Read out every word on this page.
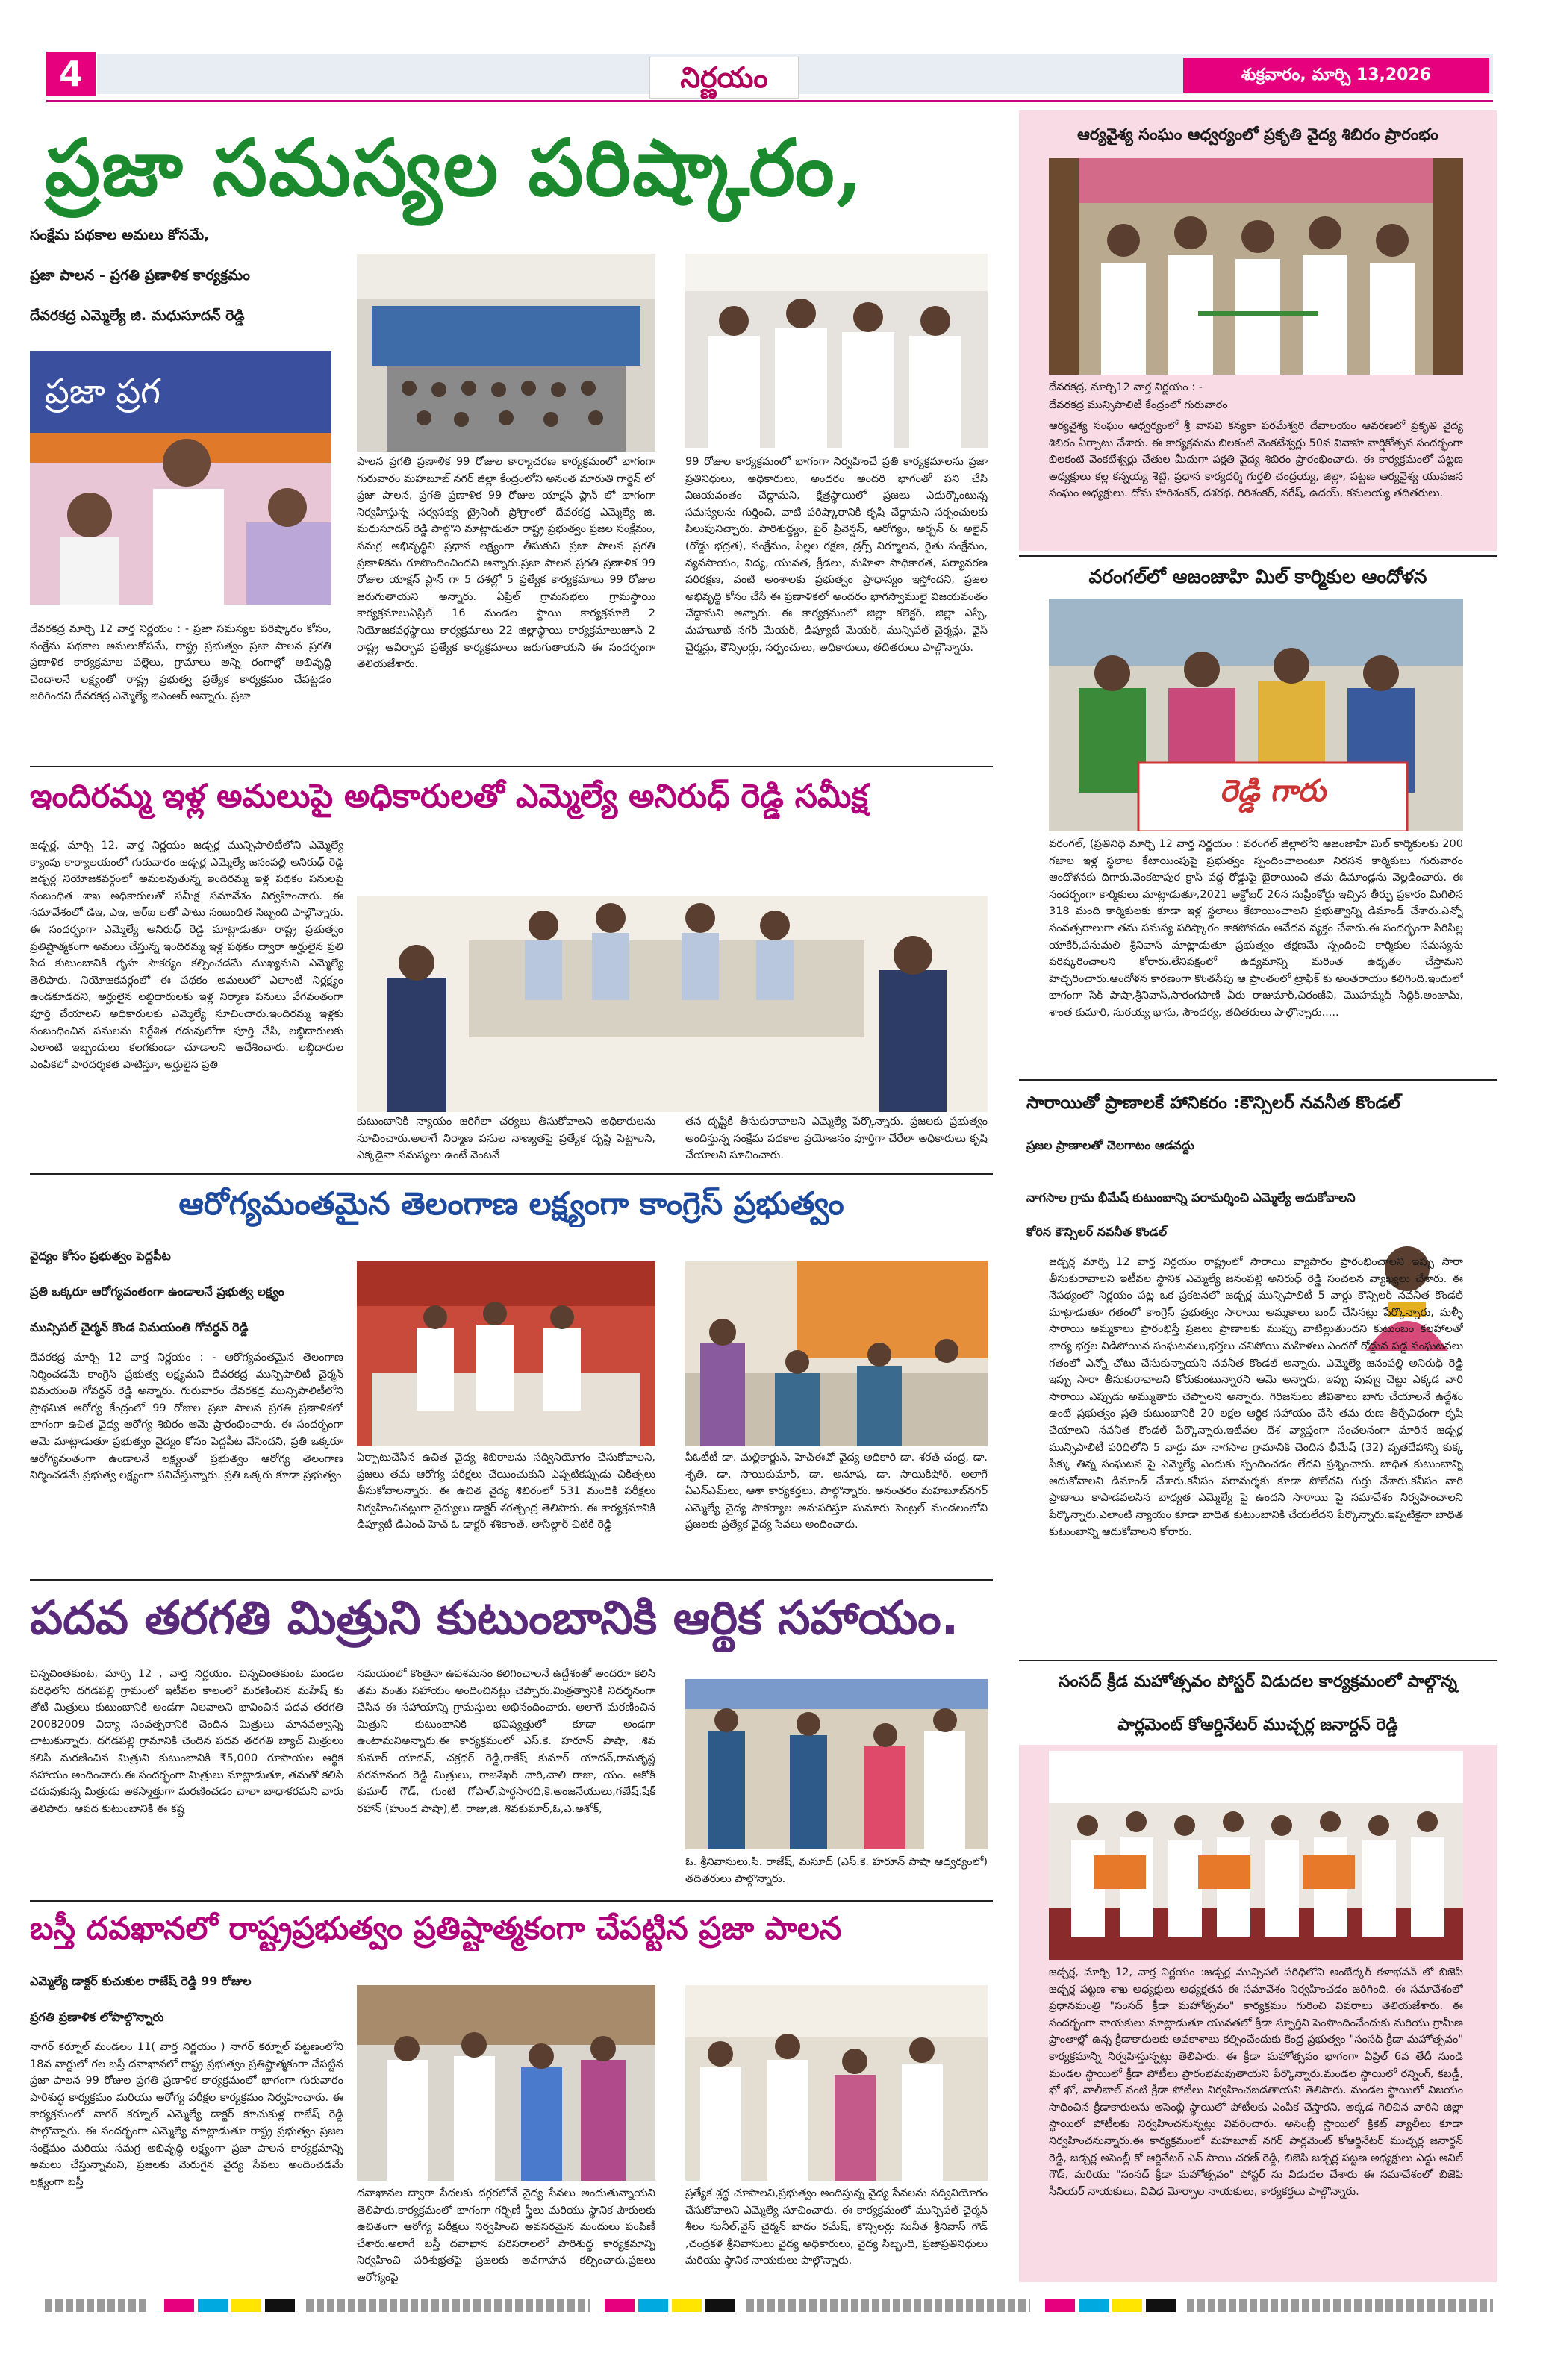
4	శుక్రవారం, మార్చి 13,2026
నిర్ణయం
ప్రజా సమస్యల పరిష్కారం,
సంక్షేమ పథకాల అమలు కోసమే,
ప్రజా పాలన - ప్రగతి ప్రణాళిక కార్యక్రమం
దేవరకద్ర ఎమ్మెల్యే జి. మధుసూదన్ రెడ్డి
ప్రజా ప్రగ
దేవరకద్ర మార్చి 12 వార్త నిర్ణయం : - ప్రజా సమస్యల పరిష్కారం కోసం, సంక్షేమ పథకాల అమలుకోసమే, రాష్ట్ర ప్రభుత్వం ప్రజా పాలన ప్రగతి ప్రణాళిక కార్యక్రమాల పల్లెలు, గ్రామాలు అన్ని రంగాల్లో అభివృద్ధి చెందాలనే లక్ష్యంతో రాష్ట్ర ప్రభుత్వ ప్రత్యేక కార్యక్రమం చేపట్టడం జరిగిందని దేవరకద్ర ఎమ్మెల్యే జిఎంఆర్ అన్నారు. ప్రజా
పాలన ప్రగతి ప్రణాళిక 99 రోజుల కార్యాచరణ కార్యక్రమంలో భాగంగా గురువారం మహబూబ్ నగర్ జిల్లా కేంద్రంలోని అనంత మారుతి గార్డెన్ లో ప్రజా పాలన, ప్రగతి ప్రణాళిక 99 రోజుల యాక్షన్ ప్లాన్ లో భాగంగా నిర్వహిస్తున్న సర్వసభ్య ట్రైనింగ్ ప్రోగ్రాంలో దేవరకద్ర ఎమ్మెల్యే జి. మధుసూదన్ రెడ్డి పాల్గొని మాట్లాడుతూ రాష్ట్ర ప్రభుత్వం ప్రజల సంక్షేమం, సమగ్ర అభివృద్ధిని ప్రధాన లక్ష్యంగా తీసుకుని ప్రజా పాలన ప్రగతి ప్రణాళికను రూపొందించిందని అన్నారు.ప్రజా పాలన ప్రగతి ప్రణాళిక 99 రోజుల యాక్షన్ ప్లాన్ గా 5 దశల్లో 5 ప్రత్యేక కార్యక్రమాలు 99 రోజుల జరుగుతాయని అన్నారు. ఏప్రిల్ గ్రామసభలు గ్రామస్థాయి కార్యక్రమాలుఏప్రిల్ 16 మండల స్థాయి కార్యక్రమాలే 2 నియోజకవర్గస్థాయి కార్యక్రమాలు 22 జిల్లాస్థాయి కార్యక్రమాలుజూన్ 2 రాష్ట్ర ఆవిర్భావ ప్రత్యేక కార్యక్రమాలు జరుగుతాయని ఈ సందర్భంగా తెలియజేశారు.
99 రోజుల కార్యక్రమంలో భాగంగా నిర్వహించే ప్రతి కార్యక్రమాలను ప్రజా ప్రతినిధులు, అధికారులు, అందరం అందరి భాగంతో పని చేసి విజయవంతం చేద్దామని, క్షేత్రస్థాయిలో ప్రజలు ఎదుర్కొంటున్న సమస్యలను గుర్తించి, వాటి పరిష్కారానికి కృషి చేద్దామని సర్పంచులకు పిలుపునిచ్చారు. పారిశుద్ధ్యం, ఫైర్ ప్రివెన్షన్, ఆరోగ్యం, అర్బన్ & అలైన్ (రోడ్డు భద్రత), సంక్షేమం, పిల్లల రక్షణ, డ్రగ్స్ నిర్మూలన, రైతు సంక్షేమం, వ్యవసాయం, విద్య, యువత, క్రీడలు, మహిళా సాధికారత, పర్యావరణ పరిరక్షణ, వంటి అంశాలకు ప్రభుత్వం ప్రాధాన్యం ఇస్తోందని, ప్రజల అభివృద్ధి కోసం చేసే ఈ ప్రణాళికలో అందరం భాగస్వాములై విజయవంతం చేద్దామని అన్నారు. ఈ కార్యక్రమంలో జిల్లా కలెక్టర్, జిల్లా ఎస్పీ, మహబూబ్ నగర్ మేయర్, డిప్యూటీ మేయర్, మున్సిపల్ చైర్మన్లు, వైస్ చైర్మన్లు, కౌన్సిలర్లు, సర్పంచులు, అధికారులు, తదితరులు పాల్గొన్నారు.
ఇందిరమ్మ ఇళ్ల అమలుపై అధికారులతో ఎమ్మెల్యే అనిరుధ్ రెడ్డి సమీక్ష
జడ్చర్ల, మార్చి 12, వార్త నిర్ణయం జడ్చర్ల మున్సిపాలిటీలోని ఎమ్మెల్యే క్యాంపు కార్యాలయంలో గురువారం జడ్చర్ల ఎమ్మెల్యే జనంపల్లి అనిరుధ్ రెడ్డి జడ్చర్ల నియోజకవర్గంలో అమలవుతున్న ఇందిరమ్మ ఇళ్ల పథకం పనులపై సంబంధిత శాఖ అధికారులతో సమీక్ష సమావేశం నిర్వహించారు. ఈ సమావేశంలో డిఇ, ఎఇ, ఆర్ఐ లతో పాటు సంబంధిత సిబ్బంది పాల్గొన్నారు. ఈ సందర్భంగా ఎమ్మెల్యే అనిరుధ్ రెడ్డి మాట్లాడుతూ రాష్ట్ర ప్రభుత్వం ప్రతిష్టాత్మకంగా అమలు చేస్తున్న ఇందిరమ్మ ఇళ్ల పథకం ద్వారా అర్హులైన ప్రతి పేద కుటుంబానికి గృహ సౌకర్యం కల్పించడమే ముఖ్యమని ఎమ్మెల్యే తెలిపారు. నియోజకవర్గంలో ఈ పథకం అమలులో ఎలాంటి నిర్లక్ష్యం ఉండకూడదని, అర్హులైన లబ్ధిదారులకు ఇళ్ల నిర్మాణ పనులు వేగవంతంగా పూర్తి చేయాలని అధికారులకు ఎమ్మెల్యే సూచించారు.ఇందిరమ్మ ఇళ్లకు సంబంధించిన పనులను నిర్దేశిత గడువులోగా పూర్తి చేసి, లబ్ధిదారులకు ఎలాంటి ఇబ్బందులు కలగకుండా చూడాలని ఆదేశించారు. లబ్ధిదారుల ఎంపికలో పారదర్శకత పాటిస్తూ, అర్హులైన ప్రతి
కుటుంబానికి న్యాయం జరిగేలా చర్యలు తీసుకోవాలని అధికారులను సూచించారు.అలాగే నిర్మాణ పనుల నాణ్యతపై ప్రత్యేక దృష్టి పెట్టాలని, ఎక్కడైనా సమస్యలు ఉంటే వెంటనే
తన దృష్టికి తీసుకురావాలని ఎమ్మెల్యే పేర్కొన్నారు. ప్రజలకు ప్రభుత్వం అందిస్తున్న సంక్షేమ పథకాల ప్రయోజనం పూర్తిగా చేరేలా అధికారులు కృషి చేయాలని సూచించారు.
ఆరోగ్యమంతమైన తెలంగాణ లక్ష్యంగా కాంగ్రెస్ ప్రభుత్వం
వైద్యం కోసం ప్రభుత్వం పెద్దపీట
ప్రతి ఒక్కరూ ఆరోగ్యవంతంగా ఉండాలనే ప్రభుత్వ లక్ష్యం
మున్సిపల్ చైర్మన్ కొండ విమయంతి గోవర్ధన్ రెడ్డి
దేవరకద్ర మార్చి 12 వార్త నిర్ణయం : - ఆరోగ్యవంతమైన తెలంగాణ నిర్మించడమే కాంగ్రెస్ ప్రభుత్వ లక్ష్యమని దేవరకద్ర మున్సిపాలిటీ చైర్మన్ విమయంతి గోవర్ధన్ రెడ్డి అన్నారు. గురువారం దేవరకద్ర మున్సిపాలిటీలోని ప్రాథమిక ఆరోగ్య కేంద్రంలో 99 రోజుల ప్రజా పాలన ప్రగతి ప్రణాళికలో భాగంగా ఉచిత వైద్య ఆరోగ్య శిబిరం ఆమె ప్రారంభించారు. ఈ సందర్భంగా ఆమె మాట్లాడుతూ ప్రభుత్వం వైద్యం కోసం పెద్దపీట వేసిందని, ప్రతి ఒక్కరూ ఆరోగ్యవంతంగా ఉండాలనే లక్ష్యంతో ప్రభుత్వం ఆరోగ్య తెలంగాణ నిర్మించడమే ప్రభుత్వ లక్ష్యంగా పనిచేస్తున్నారు. ప్రతి ఒక్కరు కూడా ప్రభుత్వం
ఏర్పాటుచేసిన ఉచిత వైద్య శిబిరాలను సద్వినియోగం చేసుకోవాలని, ప్రజలు తమ ఆరోగ్య పరీక్షలు చేయించుకుని ఎప్పటికప్పుడు చికిత్సలు తీసుకోవాలన్నారు. ఈ ఉచిత వైద్య శిబిరంలో 531 మందికి పరీక్షలు నిర్వహించినట్లుగా వైద్యులు డాక్టర్ శరత్చంద్ర తెలిపారు. ఈ కార్యక్రమానికి డిప్యూటీ డిఎంచ్ హెచ్ ఓ డాక్టర్ శశికాంత్, తాసిల్దార్ చిటికి రెడ్డి
పీఓటీటీ డా. మల్లికార్జున్, హెచ్ఈవో వైద్య అధికారి డా. శరత్ చంద్ర, డా. శృతి, డా. సాయికుమార్, డా. అనూష, డా. సాయికిషోర్, అలాగే ఏఎన్ఎమ్‌లు, ఆశా కార్యకర్తలు, పాల్గొన్నారు. అనంతరం మహబూబ్‌నగర్ ఎమ్మెల్యే వైద్య సౌకర్యాల అనుసరిస్తూ సుమారు సెంట్రల్ మండలంలోని ప్రజలకు ప్రత్యేక వైద్య సేవలు అందించారు.
పదవ తరగతి మిత్రుని కుటుంబానికి ఆర్థిక సహాయం.
చిన్నచింతకుంట, మార్చి 12 , వార్త నిర్ణయం. చిన్నచింతకుంట మండల పరిధిలోని దగడపల్లి గ్రామంలో ఇటీవల కాలంలో మరణించిన మహేష్ కు తోటి మిత్రులు కుటుంబానికి అండగా నిలవాలని భావించిన పదవ తరగతి 20082009 విద్యా సంవత్సరానికి చెందిన మిత్రులు మానవత్వాన్ని చాటుకున్నారు. దగడపల్లి గ్రామానికి చెందిన పదవ తరగతి బ్యాచ్ మిత్రులు కలిసి మరణించిన మిత్రుని కుటుంబానికి ₹5,000 రూపాయల ఆర్థిక సహాయం అందించారు.ఈ సందర్భంగా మిత్రులు మాట్లాడుతూ, తమతో కలిసి చదువుకున్న మిత్రుడు అకస్మాత్తుగా మరణించడం చాలా బాధాకరమని వారు తెలిపారు. ఆపద కుటుంబానికి ఈ కష్ట
సమయంలో కొంతైనా ఉపశమనం కలిగించాలనే ఉద్దేశంతో అందరూ కలిసి తమ వంతు సహాయం అందించినట్లు చెప్పారు.మిత్రత్వానికి నిదర్శనంగా చేసిన ఈ సహాయాన్ని గ్రామస్తులు అభినందించారు. అలాగే మరణించిన మిత్రుని కుటుంబానికి భవిష్యత్తులో కూడా అండగా ఉంటామనిఅన్నారు.ఈ కార్యక్రమంలో ఎస్.కె. హరూన్ పాషా, .శివ కుమార్ యాదవ్, చక్రధర్ రెడ్డి,రాకేష్ కుమార్ యాదవ్,రామకృష్ణ పరమానంద రెడ్డి మిత్రులు, రాజశేఖర్ చారి,చాలి రాజు, యం. ఆకోక్ కుమార్ గౌడ్, గుంటి గోపాల్,పార్థసారధి,కె.అంజనేయులు,గణేష్,షేక్ రహాన్ (హుంద పాషా),టి. రాజు,జి. శివకుమార్,ఓ,ఎ.అశోక్,
ఓ. శ్రీనివాసులు,సి. రాజేష్, మసూద్ (ఎస్.కె. హరూన్ పాషా ఆధ్వర్యంలో) తదితరులు పాల్గొన్నారు.
బస్తీ దవఖానలో రాష్ట్రప్రభుత్వం ప్రతిష్టాత్మకంగా చేపట్టిన ప్రజా పాలన
ఎమ్మెల్యే డాక్టర్ కుచుకుల రాజేష్ రెడ్డి 99 రోజుల
ప్రగతి ప్రణాళిక లోపాల్గొన్నారు
నాగర్ కర్నూల్ మండలం 11( వార్త నిర్ణయం ) నాగర్ కర్నూల్ పట్టణంలోని 18వ వార్డులో గల బస్తీ దవాఖానలో రాష్ట్ర ప్రభుత్వం ప్రతిష్టాత్మకంగా చేపట్టిన ప్రజా పాలన 99 రోజుల ప్రగతి ప్రణాళిక కార్యక్రమంలో భాగంగా గురువారం పారిశుద్ధ కార్యక్రమం మరియు ఆరోగ్య పరీక్షల కార్యక్రమం నిర్వహించారు. ఈ కార్యక్రమంలో నాగర్ కర్నూల్ ఎమ్మెల్యే డాక్టర్ కూచుకుళ్ల రాజేష్ రెడ్డి పాల్గొన్నారు. ఈ సందర్భంగా ఎమ్మెల్యే మాట్లాడుతూ రాష్ట్ర ప్రభుత్వం ప్రజల సంక్షేమం మరియు సమగ్ర అభివృద్ధి లక్ష్యంగా ప్రజా పాలన కార్యక్రమాన్ని అమలు చేస్తున్నామని, ప్రజలకు మెరుగైన వైద్య సేవలు అందించడమే లక్ష్యంగా బస్తీ
దవాఖానల ద్వారా పేదలకు దగ్గరలోనే వైద్య సేవలు అందుతున్నాయని తెలిపారు.కార్యక్రమంలో భాగంగా గర్భిణీ స్త్రీలు మరియు స్థానిక పౌరులకు ఉచితంగా ఆరోగ్య పరీక్షలు నిర్వహించి అవసరమైన మందులు పంపిణీ చేశారు.అలాగే బస్తీ దవాఖాన పరిసరాలలో పారిశుద్ధ కార్యక్రమాన్ని నిర్వహించి పరిశుభ్రతపై ప్రజలకు అవగాహన కల్పించారు.ప్రజలు ఆరోగ్యంపై
ప్రత్యేక శ్రద్ధ చూపాలని,ప్రభుత్వం అందిస్తున్న వైద్య సేవలను సద్వినియోగం చేసుకోవాలని ఎమ్మెల్యే సూచించారు. ఈ కార్యక్రమంలో మున్సిపల్ చైర్మన్ శీలం సునీల్,వైస్ చైర్మన్ బాదం రమేష్, కౌన్సిలర్లు సునీత శ్రీనివాస్ గౌడ్ ,చంద్రకళ శ్రీనివాసులు వైద్య అధికారులు, వైద్య సిబ్బంది, ప్రజాప్రతినిధులు మరియు స్థానిక నాయకులు పాల్గొన్నారు.
ఆర్యవైశ్య సంఘం ఆధ్వర్యంలో ప్రకృతి వైద్య శిబిరం ప్రారంభం
దేవరకద్ర, మార్చి12 వార్త నిర్ణయం : -
దేవరకద్ర మున్సిపాలిటీ కేంద్రంలో గురువారం
ఆర్యవైశ్య సంఘం ఆధ్వర్యంలో శ్రీ వాసవి కన్యకా పరమేశ్వరి దేవాలయం ఆవరణలో ప్రకృతి వైద్య శిబిరం ఏర్పాటు చేశారు. ఈ కార్యక్రమను బిలకంటి వెంకటేశ్వర్లు 50వ వివాహ వార్షికోత్సవ సందర్భంగా బిలకంటి వెంకటేశ్వర్లు చేతుల మీదుగా పక్షతి వైద్య శిబిరం ప్రారంభించారు. ఈ కార్యక్రమంలో పట్టణ అధ్యక్షులు కల్ల కన్నయ్య శెట్టి, ప్రధాన కార్యదర్శి గుర్తలి చంద్రయ్య, జిల్లా, పట్టణ ఆర్యవైశ్య యువజన సంఘం అధ్యక్షులు. దోమ హరిశంకర్, దశరథ, గిరిశంకర్, నరేష్, ఉదయ్, కమలయ్య తదితరులు.
వరంగల్‌లో ఆజంజాహి మిల్ కార్మికుల ఆందోళన
రెడ్డి గారు
వరంగల్, (ప్రతినిధి మార్చి 12 వార్త నిర్ణయం : వరంగల్ జిల్లాలోని ఆజంజాహి మిల్ కార్మికులకు 200 గజాల ఇళ్ల స్థలాల కేటాయింపుపై ప్రభుత్వం స్పందించాలంటూ నిరసన కార్మికులు గురువారం ఆందోళనకు దిగారు.వెంకటాపుర క్రాస్ వద్ద రోడ్డుపై బైఠాయించి తమ డిమాండ్లను వెల్లడించారు. ఈ సందర్భంగా కార్మికులు మాట్లాడుతూ,2021 అక్టోబర్ 26న సుప్రీంకోర్టు ఇచ్చిన తీర్పు ప్రకారం మిగిలిన 318 మంది కార్మికులకు కూడా ఇళ్ల స్థలాలు కేటాయించాలని ప్రభుత్వాన్ని డిమాండ్ చేశారు.ఎన్నో సంవత్సరాలుగా తమ సమస్య పరిష్కారం కాకపోవడం ఆవేదన వ్యక్తం చేశారు.ఈ సందర్భంగా సిరిసిల్ల యాకేర్,పనుమలి శ్రీనివాస్ మాట్లాడుతూ ప్రభుత్వం తక్షణమే స్పందించి కార్మికుల సమస్యను పరిష్కరించాలని కోరారు.లేనిపక్షంలో ఉద్యమాన్ని మరింత ఉధృతం చేస్తామని హెచ్చరించారు.ఆందోళన కారణంగా కొంతసేపు ఆ ప్రాంతంలో ట్రాఫిక్ కు అంతరాయం కలిగింది.ఇందులో భాగంగా సేక్ పాషా,శ్రీనివాస్,సారంగపాణి వీరు రాజుమార్,చిరంజీవి, మొహమ్మద్ సిద్దిక్,అంజామ్, శాంత కుమారి, సురయ్య భాను, సౌందర్య, తదితరులు పాల్గొన్నారు.....
సారాయితో ప్రాణాలకే హానికరం :కౌన్సిలర్ నవనీత కొండల్
ప్రజల ప్రాణాలతో చెలగాటం ఆడవద్దు
నాగసాల గ్రామ భీమేష్ కుటుంబాన్ని పరామర్శించి ఎమ్మెల్యే ఆదుకోవాలని
కోరిన కౌన్సిలర్ నవనీత కొండల్
జడ్చర్ల మార్చి 12 వార్త నిర్ణయం రాష్ట్రంలో సారాయి వ్యాపారం ప్రారంభించాలని ఇప్పు సారా తీసుకురావాలని ఇటీవల స్థానిక ఎమ్మెల్యే జనంపల్లి అనిరుధ్ రెడ్డి సంచలన వ్యాఖ్యలు చేశారు. ఈ నేపథ్యంలో నిర్ణయం పట్ల ఒక ప్రకటనలో జడ్చర్ల మున్సిపాలిటీ 5 వార్డు కౌన్సిలర్ నవనీత కొండల్ మాట్లాడుతూ గతంలో కాంగ్రెస్ ప్రభుత్వం సారాయి అమ్మకాలు బంద్ చేసినట్లు పేర్కొన్నారు, మళ్ళీ సారాయి అమ్మకాలు ప్రారంభిస్తే ప్రజలు ప్రాణాలకు ముప్పు వాటిల్లుతుందని కుటుంబం కలహాలతో భార్య భర్తల విడిపోయిన సంఘటనలు,భర్తలు చనిపోయి మహిళలు ఎందరో రోడ్డున పడ్డ సంఘటనలు గతంలో ఎన్నో చోటు చేసుకున్నాయని నవనీత కొండల్ అన్నారు. ఎమ్మెల్యే జనంపల్లి అనిరుధ్ రెడ్డి ఇప్పు సారా తీసుకురావాలని కోరుకుంటున్నారని ఆమె అన్నారు, ఇప్పు పువ్వు చెట్టు ఎక్కడ వారి సారాయి ఎప్పుడు అమ్ముతారు చెప్పాలని అన్నారు. గిరిజనులు జీవితాలు బాగు చేయాలనే ఉద్దేశం ఉంటే ప్రభుత్వం ప్రతి కుటుంబానికి 20 లక్షల ఆర్థిక సహాయం చేసి తమ రుణ తీర్చేవిధంగా కృషి చేయాలని నవనీత కొండల్ పేర్కొన్నారు.ఇటీవల దేశ వ్యాప్తంగా సంచలనంగా మారిన జడ్చర్ల మున్సిపాలిటీ పరిధిలోని 5 వార్డు మా నాగసాల గ్రామానికి చెందిన భీమేష్ (32) వృతదేహాన్ని కుక్క పీక్కు తిన్న సంఘటన పై ఎమ్మెల్యే ఎందుకు స్పందించడం లేదని ప్రశ్నించారు. బాధిత కుటుంబాన్ని ఆదుకోవాలని డిమాండ్ చేశారు.కనీసం పరామర్శకు కూడా పోలేదని గుర్తు చేశారు.కనీసం వారి ప్రాణాలు కాపాడవలసిన బాధ్యత ఎమ్మెల్యే పై ఉందని సారాయి పై సమావేశం నిర్వహించాలని పేర్కొన్నారు.ఎలాంటి న్యాయం కూడా బాధిత కుటుంబానికి చేయలేదని పేర్కొన్నారు.ఇప్పటికైనా బాధిత కుటుంబాన్ని ఆదుకోవాలని కోరారు.
సంసద్ క్రీడ మహోత్సవం పోస్టర్ విడుదల కార్యక్రమంలో పాల్గొన్న
పార్లమెంట్ కోఆర్డినేటర్ ముచ్చర్ల జనార్దన్ రెడ్డి
జడ్చర్ల, మార్చి 12, వార్త నిర్ణయం :జడ్చర్ల మున్సిపల్ పరిధిలోని అంబేద్కర్ కళాభవన్ లో బిజెపి జడ్చర్ల పట్టణ శాఖ అధ్యక్షులు అధ్యక్షతన ఈ సమావేశం నిర్వహించడం జరిగింది. ఈ సమావేశంలో ప్రధానమంత్రి "సంసద్ క్రీడా మహోత్సవం" కార్యక్రమం గురించి వివరాలు తెలియజేశారు. ఈ సందర్భంగా నాయకులు మాట్లాడుతూ యువతలో క్రీడా స్ఫూర్తిని పెంపొందించేందుకు మరియు గ్రామీణ ప్రాంతాల్లో ఉన్న క్రీడాకారులకు అవకాశాలు కల్పించేందుకు కేంద్ర ప్రభుత్వం "సంసద్ క్రీడా మహోత్సవం" కార్యక్రమాన్ని నిర్వహిస్తున్నట్లు తెలిపారు. ఈ క్రీడా మహోత్సవం భాగంగా ఏప్రిల్ 6వ తేదీ నుండి మండల స్థాయిలో క్రీడా పోటీలు ప్రారంభమవుతాయని పేర్కొన్నారు.మండల స్థాయిలో రన్నింగ్, కబడ్డీ, ఖో ఖో, వాలీబాల్ వంటి క్రీడా పోటీలు నిర్వహించబడతాయని తెలిపారు. మండల స్థాయిలో విజయం సాధించిన క్రీడాకారులను అసెంబ్లీ స్థాయిలో పోటీలకు ఎంపిక చేస్తారని, అక్కడ గెలిచిన వారిని జిల్లా స్థాయిలో పోటీలకు నిర్వహించనున్నట్లు వివరించారు. అసెంబ్లీ స్థాయిలో క్రికెట్ వ్యాలీలు కూడా నిర్వహించనున్నారు.ఈ కార్యక్రమంలో మహబూబ్ నగర్ పార్లమెంట్ కోఆర్డినేటర్ ముచ్చర్ల జనార్దన్ రెడ్డి, జడ్చర్ల అసెంబ్లీ కో ఆర్డినేటర్ ఎన్ సాయి చరణ్ రెడ్డి, బిజెపి జడ్చర్ల పట్టణ అధ్యక్షులు ఎద్దు అనిల్ గౌడ్, మరియు "సంసద్ క్రీడా మహోత్సవం" పోస్టర్ ను విడుదల చేశారు ఈ సమావేశంలో బిజెపి సీనియర్ నాయకులు, వివిధ మోర్చాల నాయకులు, కార్యకర్తలు పాల్గొన్నారు.
